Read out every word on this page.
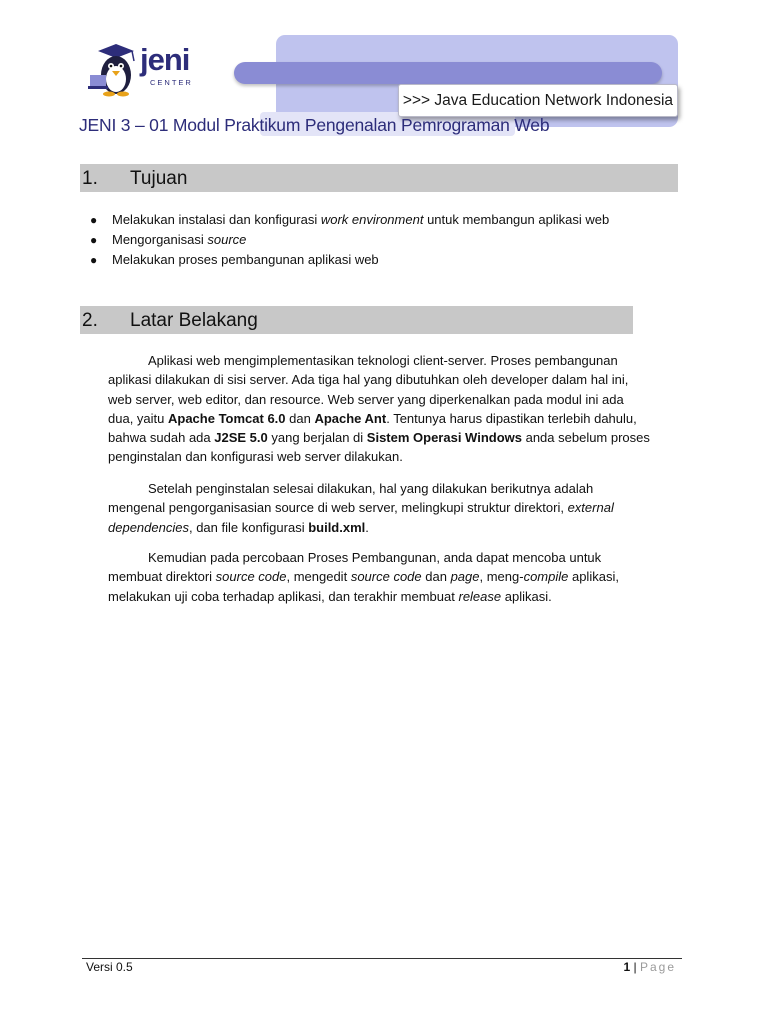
>>> Java Education Network Indonesia
jeni
CENTER
JENI 3 – 01 Modul Praktikum Pengenalan Pemrograman Web
1. Tujuan
● Melakukan instalasi dan konfigurasi work environment untuk membangun aplikasi web
● Mengorganisasi source
● Melakukan proses pembangunan aplikasi web
2. Latar Belakang
Aplikasi web mengimplementasikan teknologi client-server. Proses pembangunan
aplikasi dilakukan di sisi server. Ada tiga hal yang dibutuhkan oleh developer dalam hal ini,
web server, web editor, dan resource. Web server yang diperkenalkan pada modul ini ada
dua, yaitu Apache Tomcat 6.0 dan Apache Ant. Tentunya harus dipastikan terlebih dahulu,
bahwa sudah ada J2SE 5.0 yang berjalan di Sistem Operasi Windows anda sebelum proses
penginstalan dan konfigurasi web server dilakukan.
Setelah penginstalan selesai dilakukan, hal yang dilakukan berikutnya adalah
mengenal pengorganisasian source di web server, melingkupi struktur direktori, external
dependencies, dan file konfigurasi build.xml.
Kemudian pada percobaan Proses Pembangunan, anda dapat mencoba untuk
membuat direktori source code, mengedit source code dan page, meng-compile aplikasi,
melakukan uji coba terhadap aplikasi, dan terakhir membuat release aplikasi.
Versi 0.5	1 | Page
